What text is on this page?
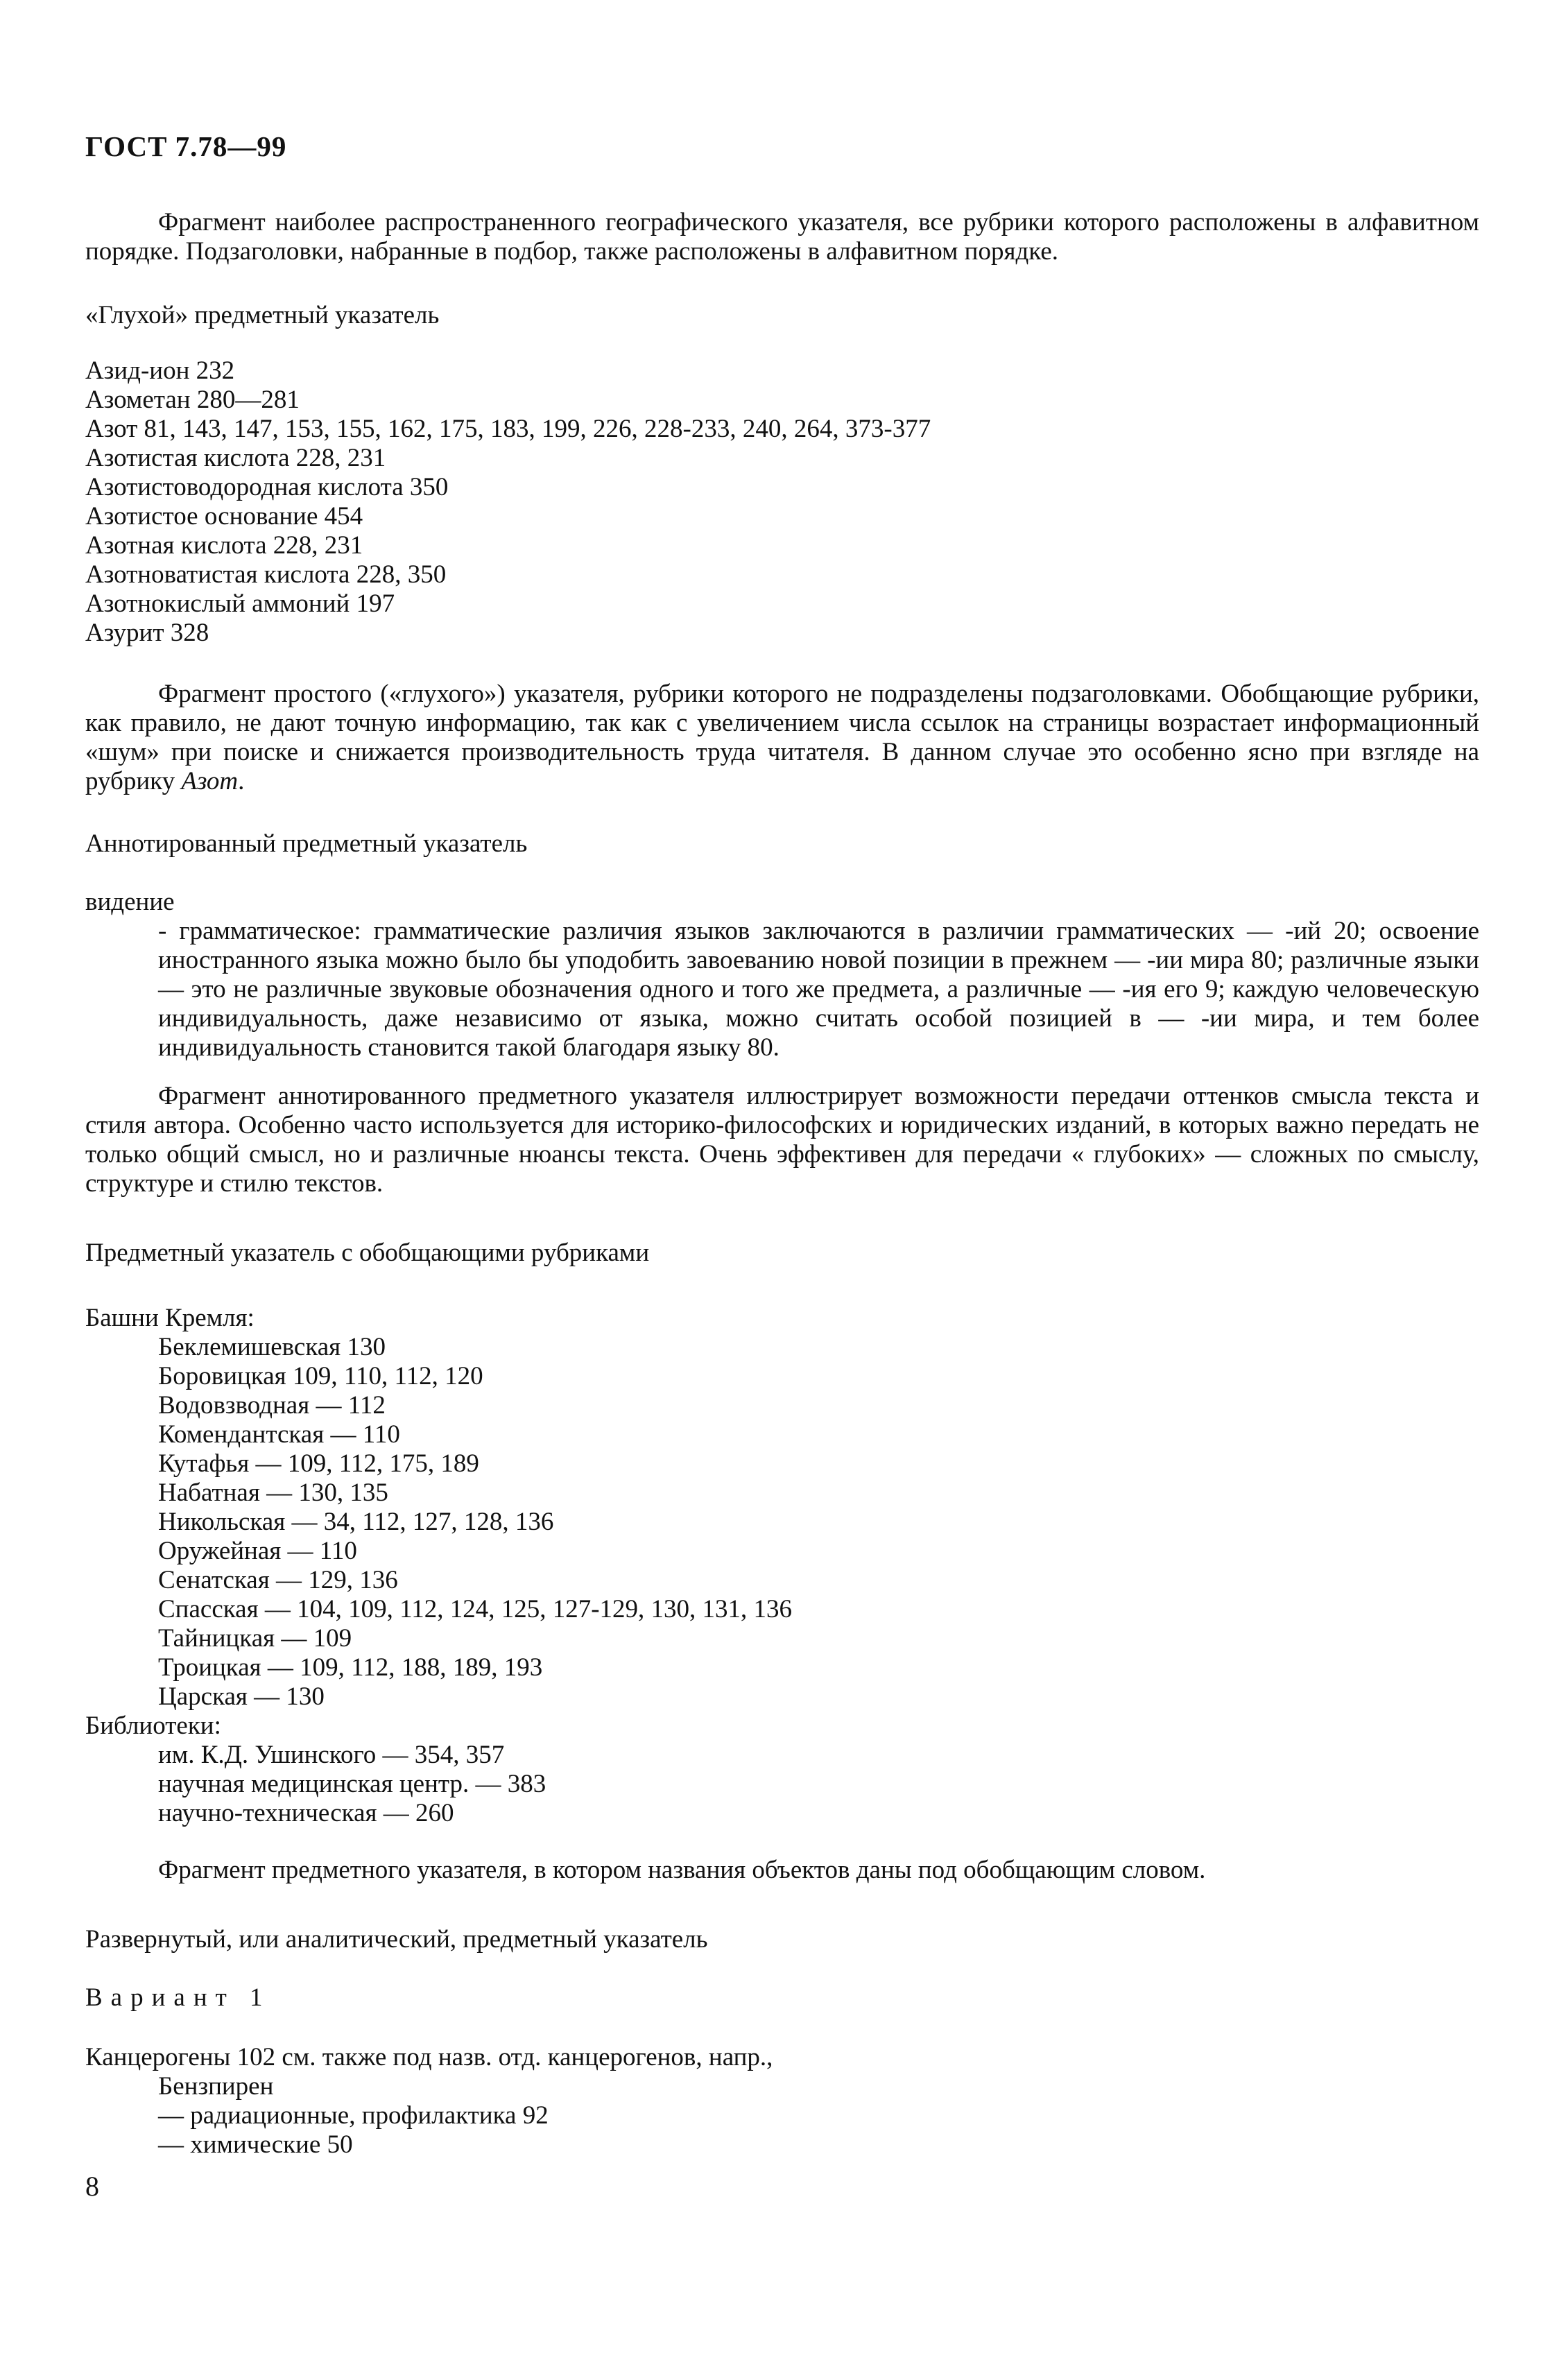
ГОСТ 7.78—99

Фрагмент наиболее распространенного географического указателя, все рубрики которого расположены в алфавитном порядке. Подзаголовки, набранные в подбор, также расположены в алфавитном порядке.

«Глухой» предметный указатель
Азид-ион 232
Азометан 280—281
Азот 81, 143, 147, 153, 155, 162, 175, 183, 199, 226, 228-233, 240, 264, 373-377
Азотистая кислота 228, 231
Азотистоводородная кислота 350
Азотистое основание 454
Азотная кислота 228, 231
Азотноватистая кислота 228, 350
Азотнокислый аммоний 197
Азурит 328

Фрагмент простого («глухого») указателя, рубрики которого не подразделены подзаголовками. Обобщающие рубрики, как правило, не дают точную информацию, так как с увеличением числа ссылок на страницы возрастает информационный «шум» при поиске и снижается производительность труда читателя. В данном случае это особенно ясно при взгляде на рубрику Азот.

Аннотированный предметный указатель
видение

- грамматическое: грамматические различия языков заключаются в различии грамматических — -ий 20; освоение иностранного языка можно было бы уподобить завоеванию новой позиции в прежнем — -ии мира 80; различные языки — это не различные звуковые обозначения одного и того же предмета, а различные — -ия его 9; каждую человеческую индивидуальность, даже независимо от языка, можно считать особой позицией в — -ии мира, и тем более индивидуальность становится такой благодаря языку 80.

Фрагмент аннотированного предметного указателя иллюстрирует возможности передачи оттенков смысла текста и стиля автора. Особенно часто используется для историко-философских и юридических изданий, в которых важно передать не только общий смысл, но и различные нюансы текста. Очень эффективен для передачи « глубоких» — сложных по смыслу, структуре и стилю текстов.

Предметный указатель с обобщающими рубриками
Башни Кремля:
Беклемишевская 130
Боровицкая 109, 110, 112, 120
Водовзводная — 112
Комендантская — 110
Кутафья — 109, 112, 175, 189
Набатная — 130, 135
Никольская — 34, 112, 127, 128, 136
Оружейная — 110
Сенатская — 129, 136
Спасская — 104, 109, 112, 124, 125, 127-129, 130, 131, 136
Тайницкая — 109
Троицкая — 109, 112, 188, 189, 193
Царская — 130
Библиотеки:
им. К.Д. Ушинского — 354, 357
научная медицинская центр. — 383
научно-техническая — 260

Фрагмент предметного указателя, в котором названия объектов даны под обобщающим словом.

Развернутый, или аналитический, предметный указатель
Вариант 1
Канцерогены 102 см. также под назв. отд. канцерогенов, напр.,
Бензпирен
— радиационные, профилактика 92
— химические 50
8
